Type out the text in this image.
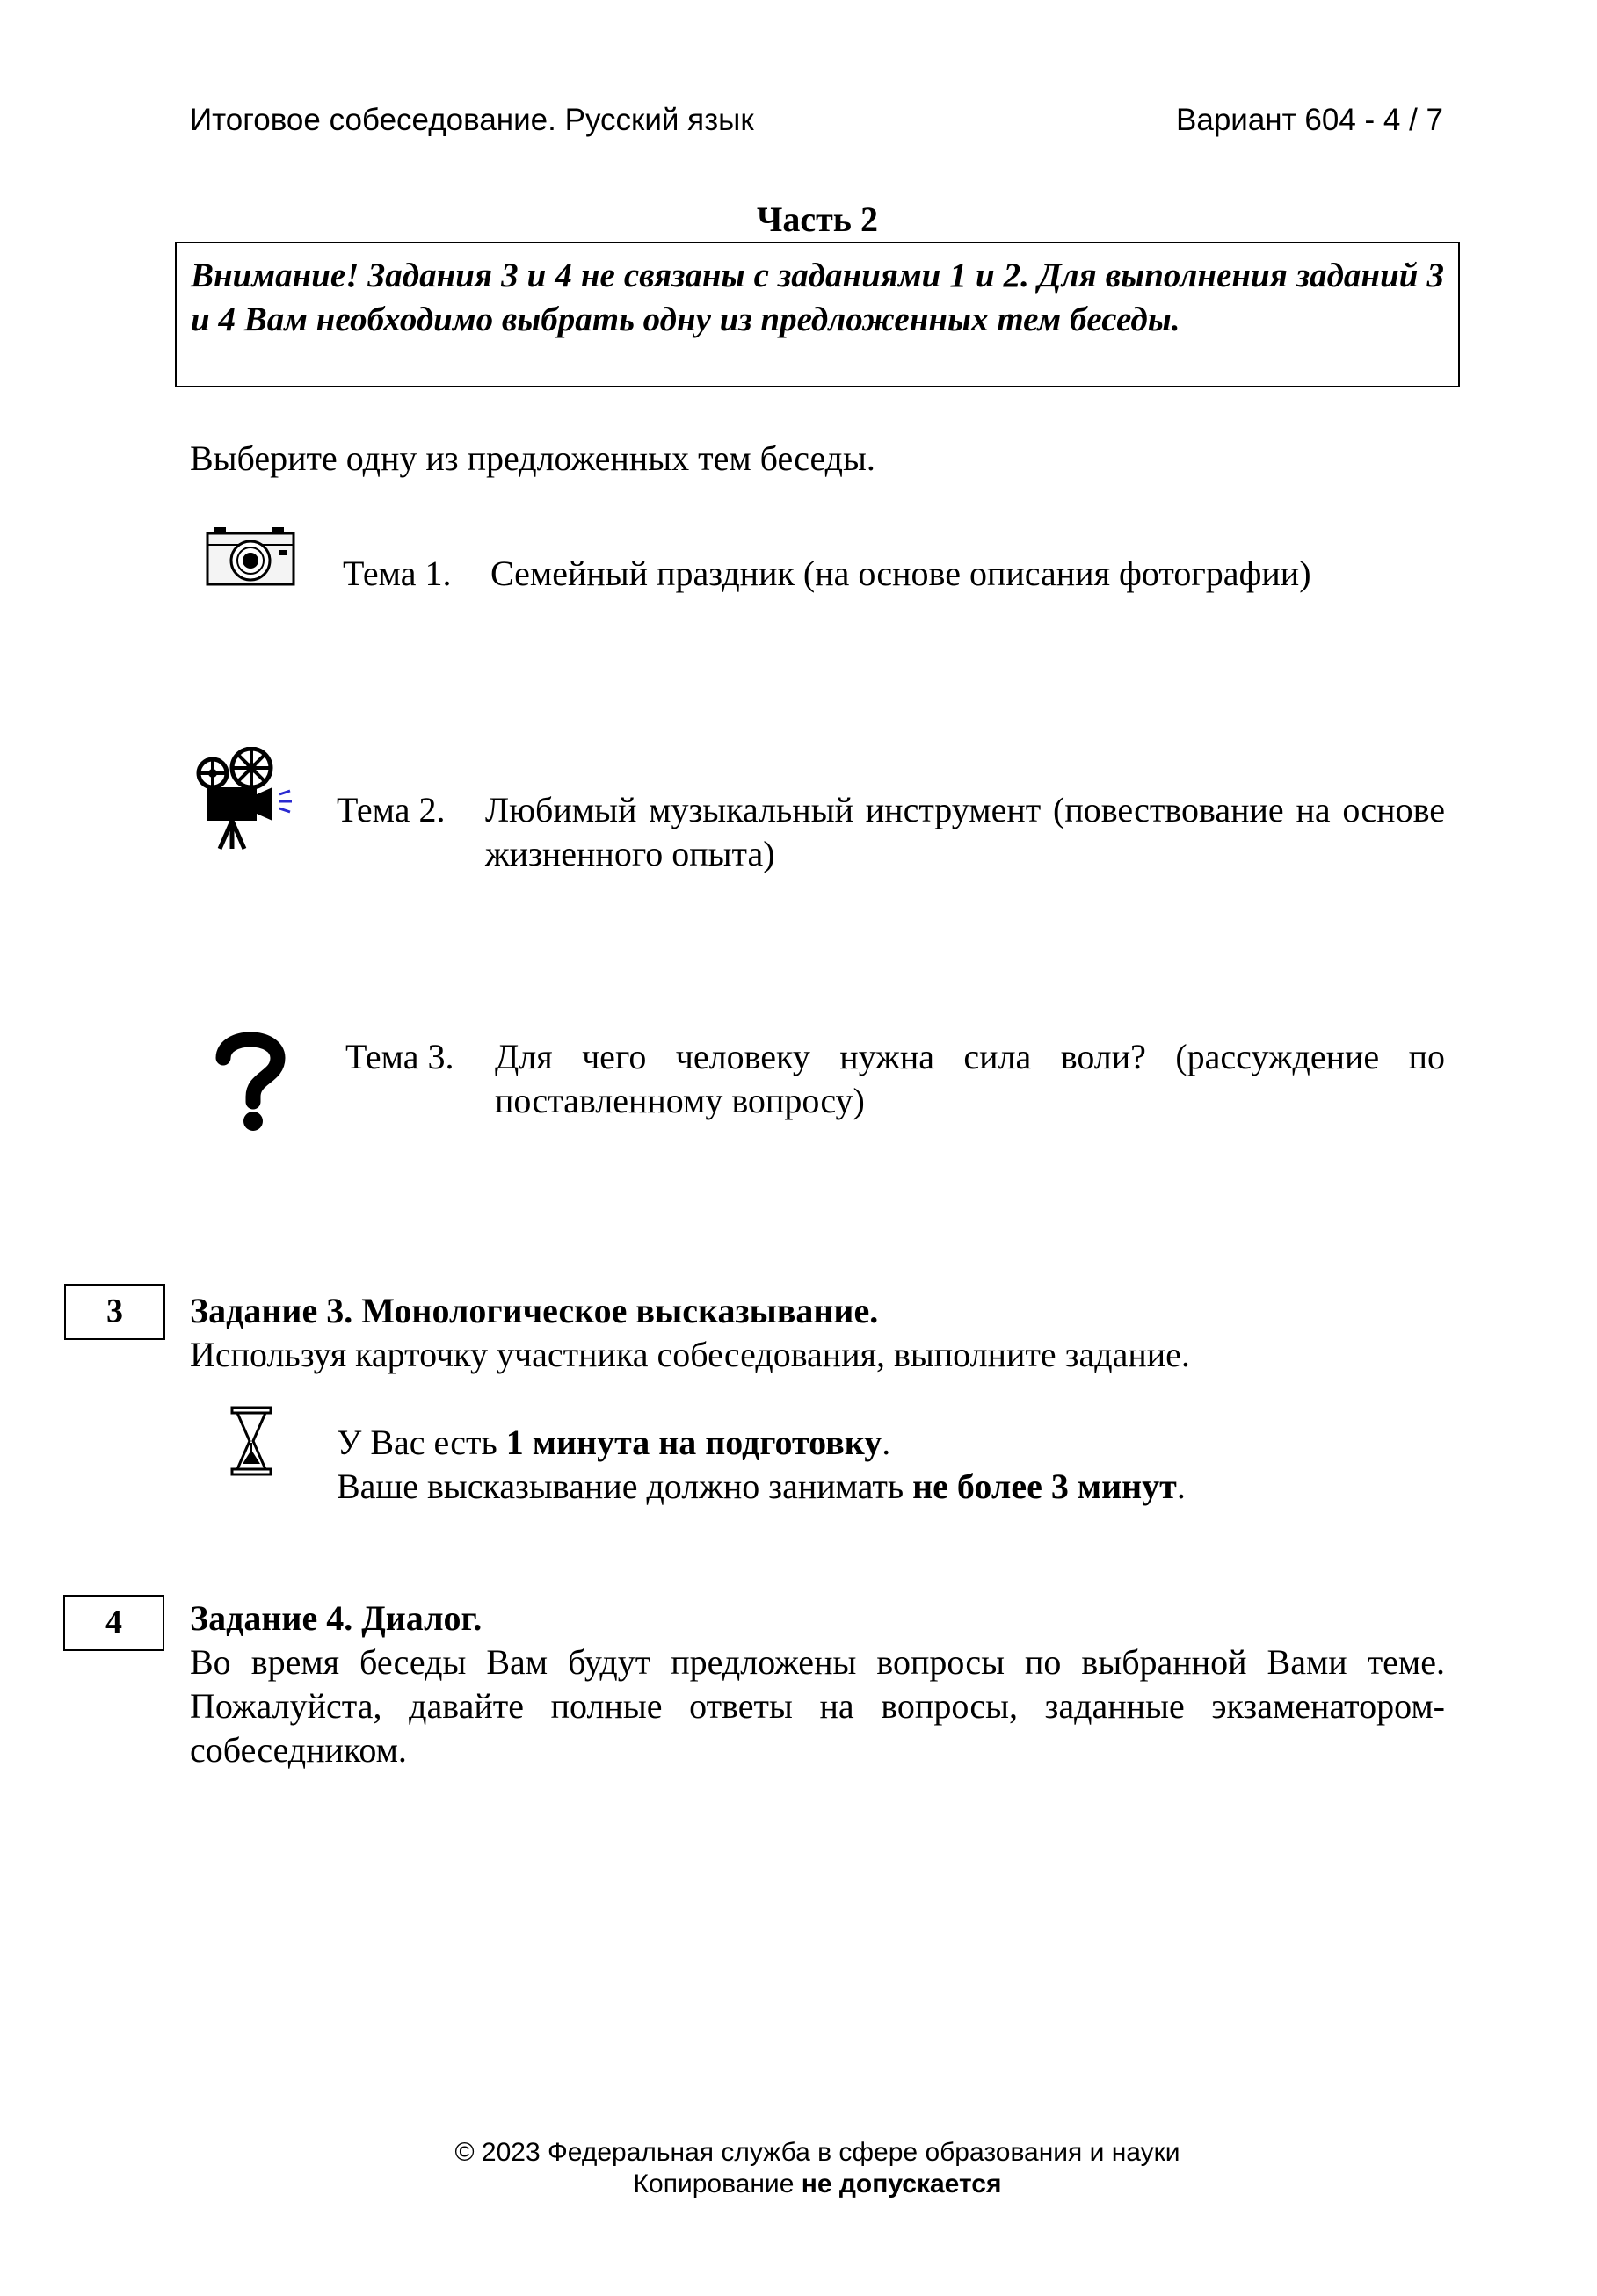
Итоговое собеседование. Русский язык	Вариант 604 - 4 / 7
Часть 2
Внимание! Задания 3 и 4 не связаны с заданиями 1 и 2. Для выполнения заданий 3 и 4 Вам необходимо выбрать одну из предложенных тем беседы.
Выберите одну из предложенных тем беседы.
Тема 1. Семейный праздник (на основе описания фотографии)
Тема 2. Любимый музыкальный инструмент (повествование на основе жизненного опыта)
Тема 3. Для чего человеку нужна сила воли? (рассуждение по поставленному вопросу)
3	Задание 3. Монологическое высказывание.
Используя карточку участника собеседования, выполните задание.
У Вас есть 1 минута на подготовку.
Ваше высказывание должно занимать не более 3 минут.
4	Задание 4. Диалог.
Во время беседы Вам будут предложены вопросы по выбранной Вами теме. Пожалуйста, давайте полные ответы на вопросы, заданные экзаменатором-собеседником.
© 2023 Федеральная служба в сфере образования и науки
Копирование не допускается
